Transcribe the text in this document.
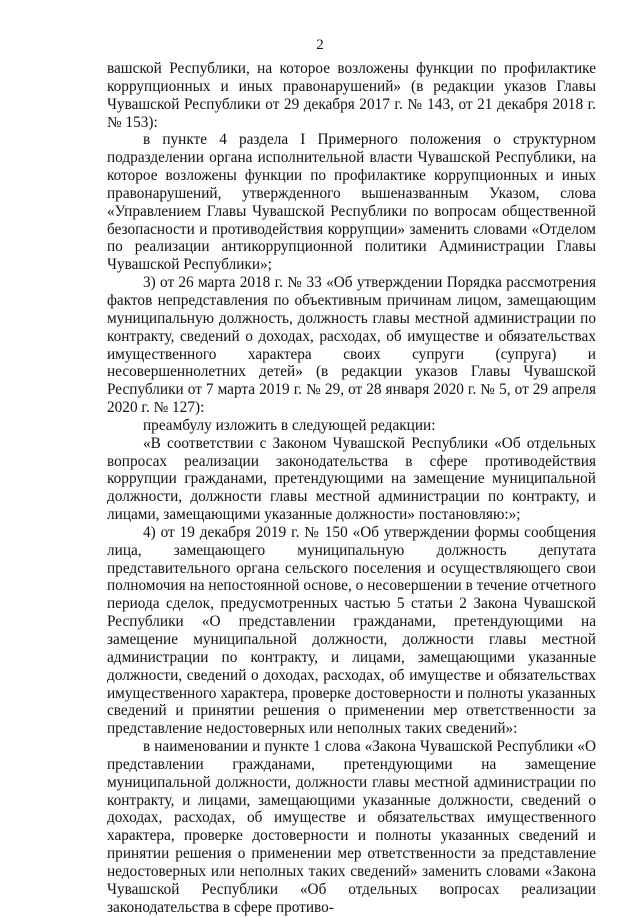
2

вашской Республики, на которое возложены функции по профилактике коррупционных и иных правонарушений» (в редакции указов Главы Чувашской Республики от 29 декабря 2017 г. № 143, от 21 декабря 2018 г. № 153):

в пункте 4 раздела I Примерного положения о структурном подразделении органа исполнительной власти Чувашской Республики, на которое возложены функции по профилактике коррупционных и иных правонарушений, утвержденного вышеназванным Указом, слова «Управлением Главы Чувашской Республики по вопросам общественной безопасности и противодействия коррупции» заменить словами «Отделом по реализации антикоррупционной политики Администрации Главы Чувашской Республики»;

3) от 26 марта 2018 г. № 33 «Об утверждении Порядка рассмотрения фактов непредставления по объективным причинам лицом, замещающим муниципальную должность, должность главы местной администрации по контракту, сведений о доходах, расходах, об имуществе и обязательствах имущественного характера своих супруги (супруга) и несовершеннолетних детей» (в редакции указов Главы Чувашской Республики от 7 марта 2019 г. № 29, от 28 января 2020 г. № 5, от 29 апреля 2020 г. № 127):

преамбулу изложить в следующей редакции:

«В соответствии с Законом Чувашской Республики «Об отдельных вопросах реализации законодательства в сфере противодействия коррупции гражданами, претендующими на замещение муниципальной должности, должности главы местной администрации по контракту, и лицами, замещающими указанные должности» постановляю:»;

4) от 19 декабря 2019 г. № 150 «Об утверждении формы сообщения лица, замещающего муниципальную должность депутата представительного органа сельского поселения и осуществляющего свои полномочия на непостоянной основе, о несовершении в течение отчетного периода сделок, предусмотренных частью 5 статьи 2 Закона Чувашской Республики «О представлении гражданами, претендующими на замещение муниципальной должности, должности главы местной администрации по контракту, и лицами, замещающими указанные должности, сведений о доходах, расходах, об имуществе и обязательствах имущественного характера, проверке достоверности и полноты указанных сведений и принятии решения о применении мер ответственности за представление недостоверных или неполных таких сведений»:

в наименовании и пункте 1 слова «Закона Чувашской Республики «О представлении гражданами, претендующими на замещение муниципальной должности, должности главы местной администрации по контракту, и лицами, замещающими указанные должности, сведений о доходах, расходах, об имуществе и обязательствах имущественного характера, проверке достоверности и полноты указанных сведений и принятии решения о применении мер ответственности за представление недостоверных или неполных таких сведений» заменить словами «Закона Чувашской Республики «Об отдельных вопросах реализации законодательства в сфере противо-
